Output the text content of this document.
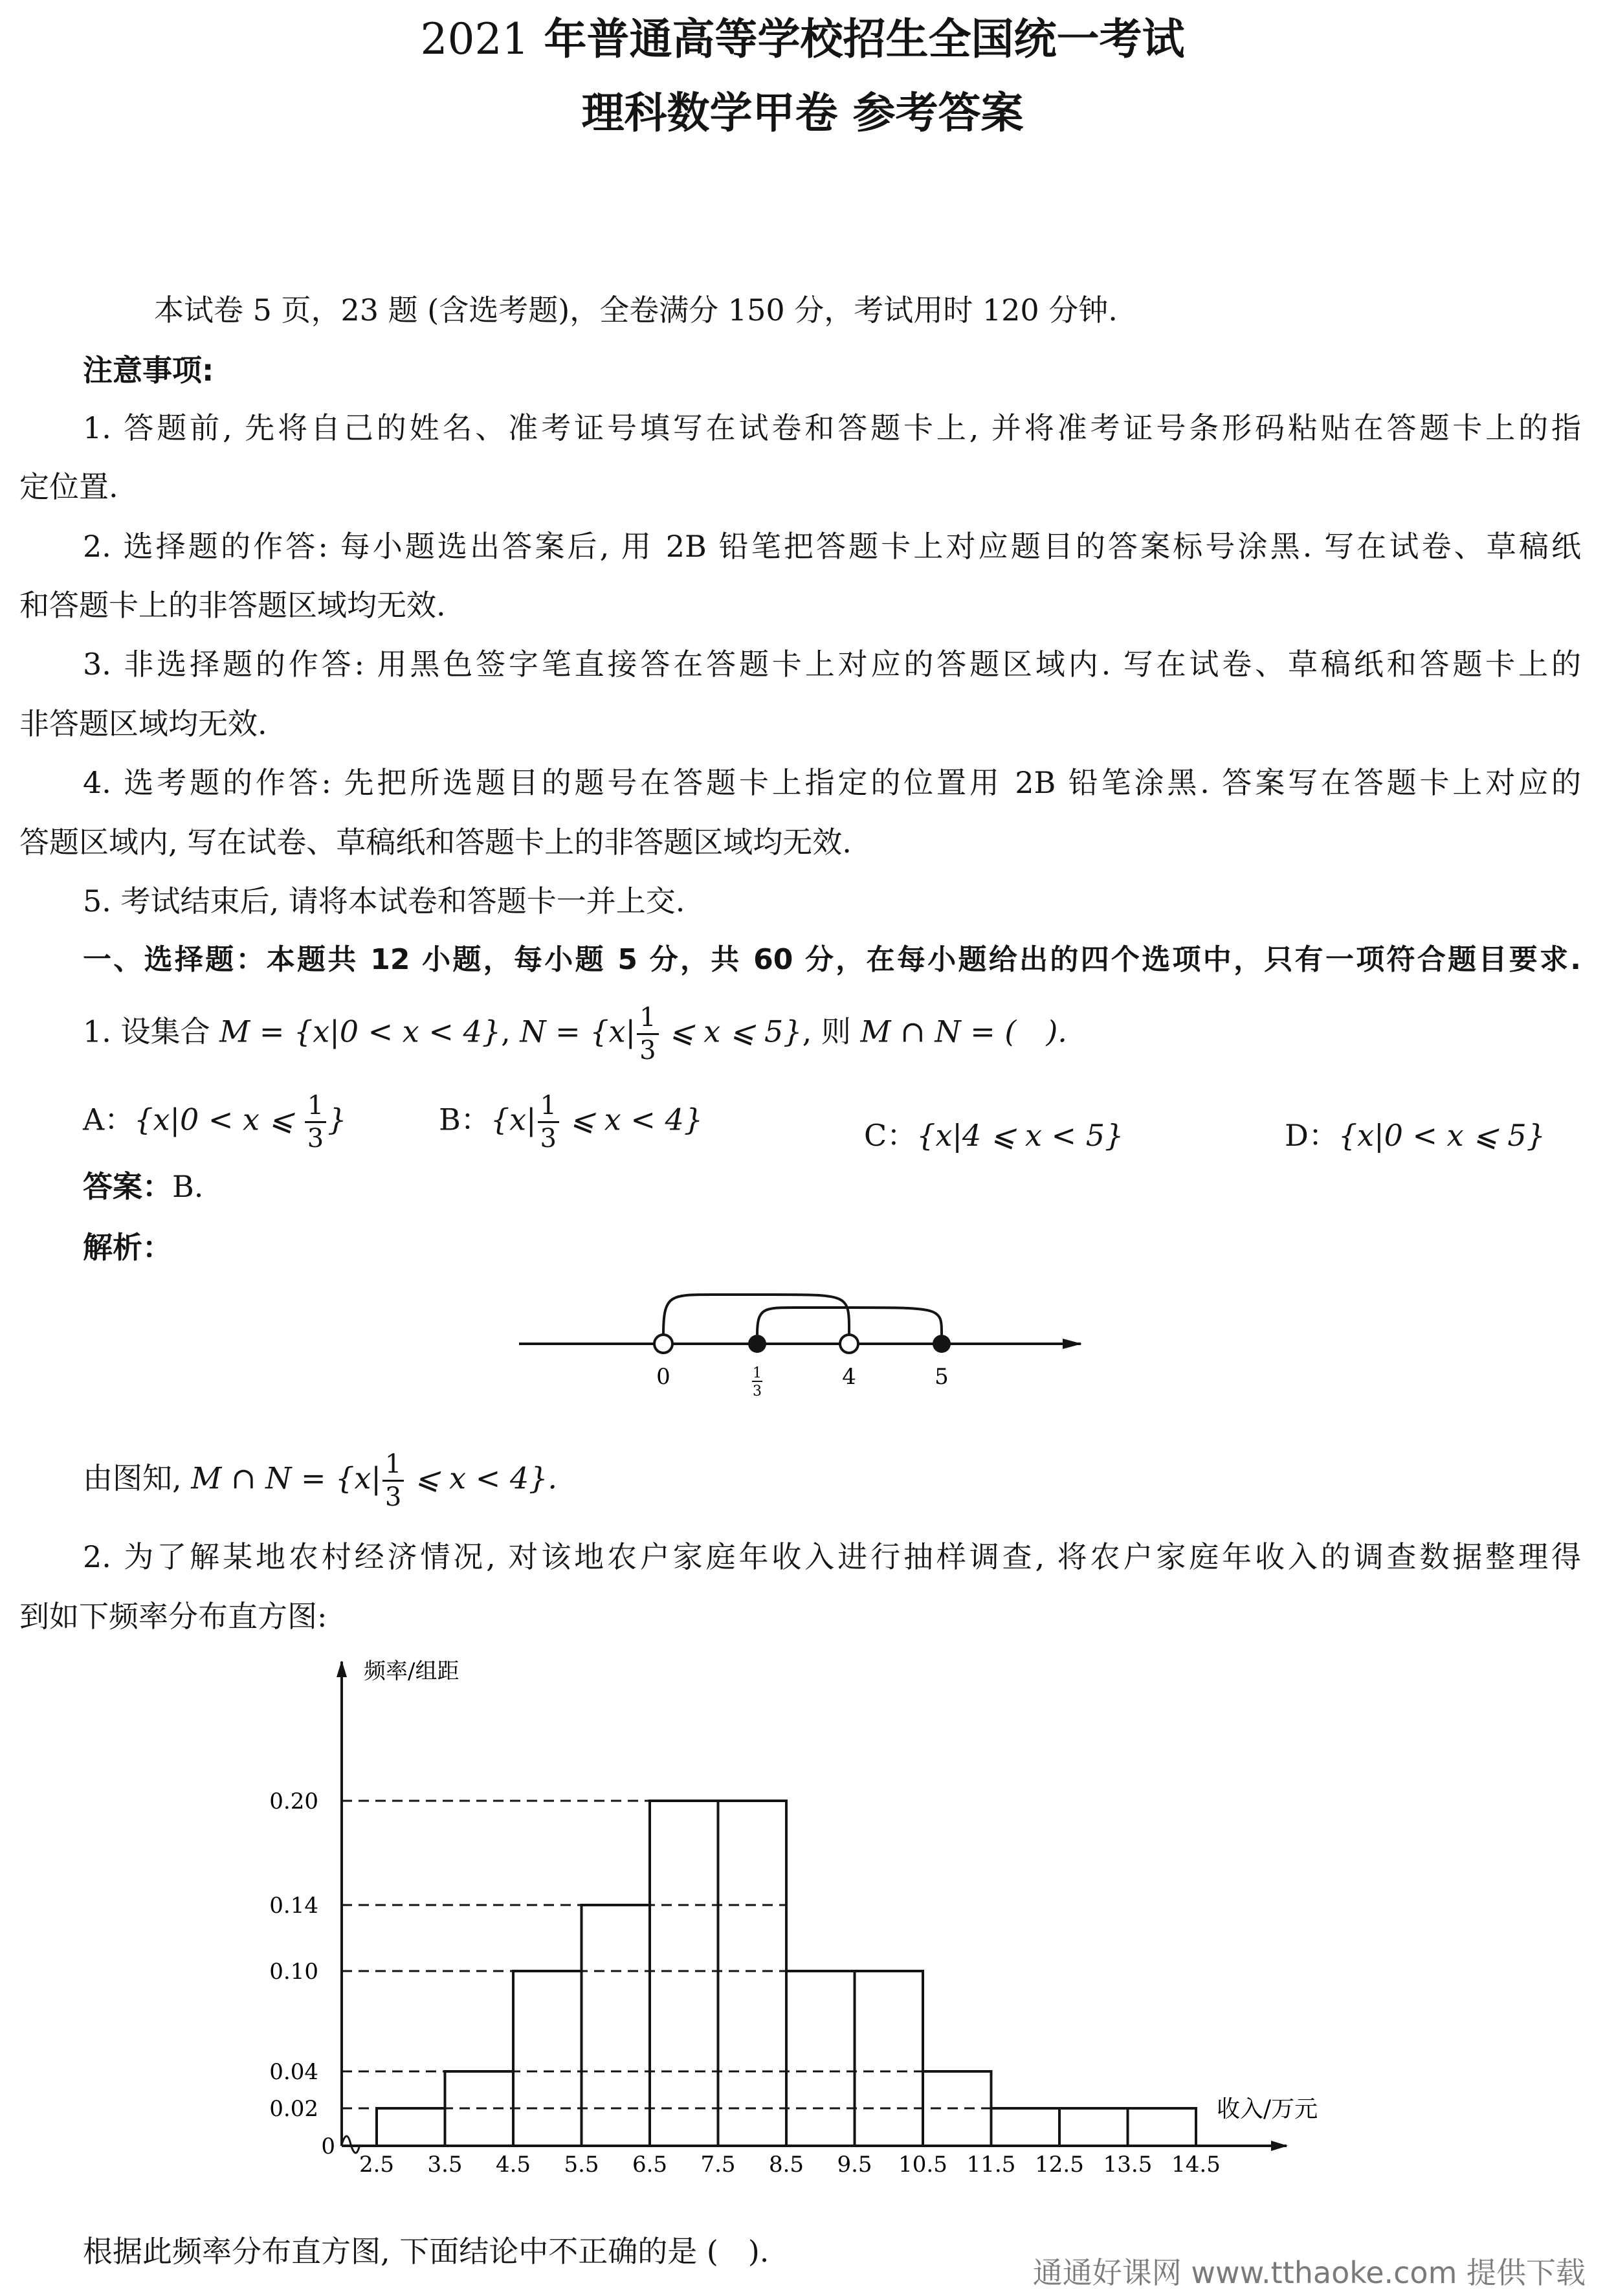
2021 年普通高等学校招生全国统一考试
理科数学甲卷 参考答案
本试卷 5 页，23 题 (含选考题)，全卷满分 150 分，考试用时 120 分钟.
注意事项:
1. 答题前, 先将自己的姓名、准考证号填写在试卷和答题卡上, 并将准考证号条形码粘贴在答题卡上的指
定位置.
2. 选择题的作答: 每小题选出答案后, 用 2B 铅笔把答题卡上对应题目的答案标号涂黑. 写在试卷、草稿纸
和答题卡上的非答题区域均无效.
3. 非选择题的作答: 用黑色签字笔直接答在答题卡上对应的答题区域内. 写在试卷、草稿纸和答题卡上的
非答题区域均无效.
4. 选考题的作答: 先把所选题目的题号在答题卡上指定的位置用 2B 铅笔涂黑. 答案写在答题卡上对应的
答题区域内, 写在试卷、草稿纸和答题卡上的非答题区域均无效.
5. 考试结束后, 请将本试卷和答题卡一并上交.
一、选择题：本题共 12 小题，每小题 5 分，共 60 分，在每小题给出的四个选项中，只有一项符合题目要求.
1. 设集合 M = {x|0 < x < 4}, $N = \{x| \frac{1}{3}$ ⩽ x ⩽ 5}, 则 M ∩ N = (　).
A：{x|0 < x ⩽ $\frac{1}{3}$ }	B：{$x| \frac{1}{3}$ ⩽ x < 4}	C：{x|4 ⩽ x < 5}	D：{x|0 < x ⩽ 5}
答案：B.
解析：
0	1
3
4	5
由图知, M ∩ $N = \{x| \frac{1}{3}$ ⩽ x < 4}.
2. 为了解某地农村经济情况, 对该地农户家庭年收入进行抽样调查, 将农户家庭年收入的调查数据整理得
到如下频率分布直方图:
2.5 3.5 4.5 5.5 6.5 7.5 8.5 9.5 10.5 11.5 12.5 13.5 14.5
0
0.02
0.04
0.10
0.14
0.20
频率/组距
收入/万元
根据此频率分布直方图, 下面结论中不正确的是 (　).
通通好课网 www.tthaoke.com 提供下载
